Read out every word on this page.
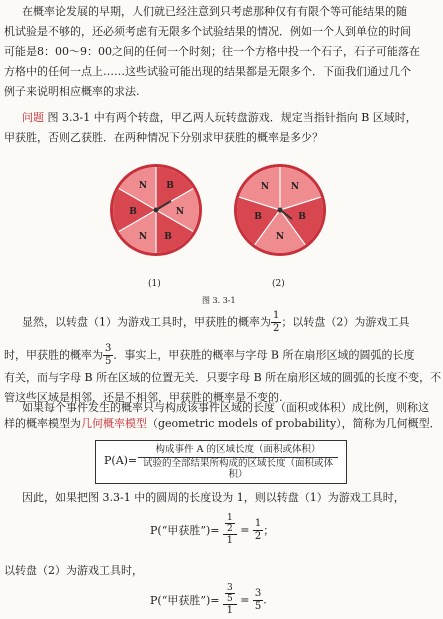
在概率论发展的早期，人们就已经注意到只考虑那种仅有有限个等可能结果的随

机试验是不够的，还必须考虑有无限多个试验结果的情况．例如一个人到单位的时间

可能是8：00～9：00之间的任何一个时刻；往一个方格中投一个石子，石子可能落在

方格中的任何一点上……这些试验可能出现的结果都是无限多个．下面我们通过几个

例子来说明相应概率的求法.

问题 图 3.3-1 中有两个转盘，甲乙两人玩转盘游戏．规定当指针指向 B 区域时，

甲获胜，否则乙获胜．在两种情况下分别求甲获胜的概率是多少？

B
N
B
N
B
N	N
B
N
B
N
(1)	(2)
图 3. 3-1

显然，以转盘（1）为游戏工具时，甲获胜的概率为 $\frac{1}{2}$ ；以转盘（2）为游戏工具

时，甲获胜的概率为 $\frac{3}{5}$ ．事实上，甲获胜的概率与字母 B 所在扇形区域的圆弧的长度

有关，而与字母 B 所在区域的位置无关．只要字母 B 所在扇形区域的圆弧的长度不变，不

管这些区域是相邻，还是不相邻，甲获胜的概率是不变的.

如果每个事件发生的概率只与构成该事件区域的长度（面积或体积）成比例，则称这

样的概率模型为几何概率模型（geometric models of probability），简称为几何概型．

P(A)=
构成事件 A 的区域长度（面积或体积）
试验的全部结果所构成的区域长度（面积或体积）

因此，如果把图 3.3-1 中的圆周的长度设为 1，则以转盘（1）为游戏工具时，

P(“甲获胜”)= $\frac{\frac{1}{2}}{1} = \frac{1}{2}$ ；

以转盘（2）为游戏工具时，

P(“甲获胜”)= $\frac{\frac{3}{5}}{1} = \frac{3}{5}$ .
